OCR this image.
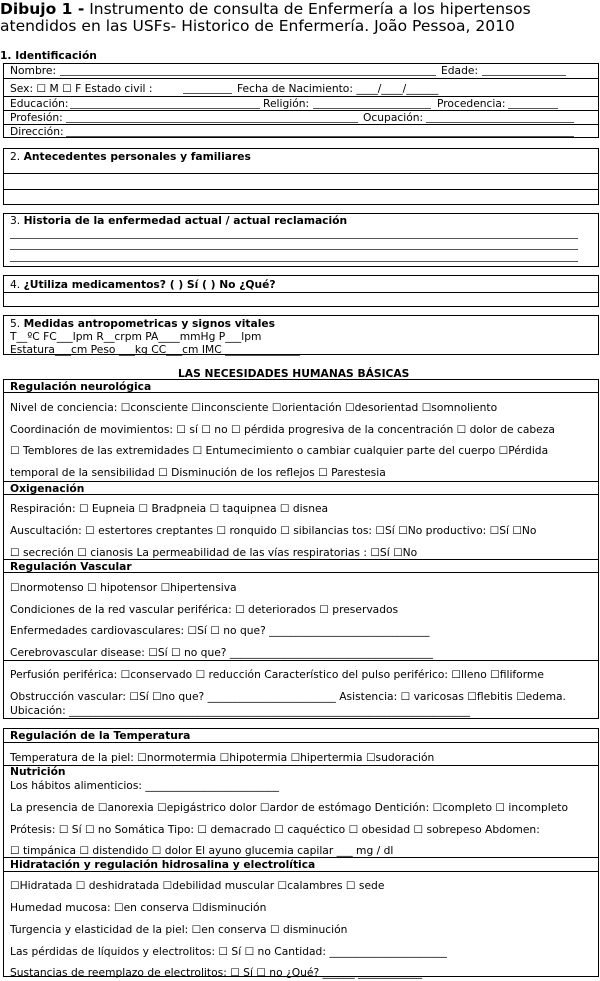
Dibujo 1 - Instrumento de consulta de Enfermería a los hipertensos atendidos en las USFs- Historico de Enfermería. João Pessoa, 2010
1. Identificación
Nombre:	Edade:
Sex: ☐ M ☐ F Estado civil :	Fecha de Nacimiento: ____/____/______
Educación:	Religión:	Procedencia:
Profesión:	Ocupación:
Dirección:
2. Antecedentes personales y familiares
3. Historia de la enfermedad actual / actual reclamación
4. ¿Utiliza medicamentos? ( ) Sí ( ) No ¿Qué?
5. Medidas antropometricas y signos vitales
T__ºC FC___lpm R__crpm PA____mmHg P___lpm
Estatura___cm Peso ___kg CC___cm IMC ______________
LAS NECESIDADES HUMANAS BÁSICAS
Regulación neurológica
Nivel de conciencia: ☐consciente ☐inconsciente ☐orientación ☐desorientad ☐somnoliento
Coordinación de movimientos: ☐ sí ☐ no ☐ pérdida progresiva de la concentración ☐ dolor de cabeza
☐ Temblores de las extremidades ☐ Entumecimiento o cambiar cualquier parte del cuerpo ☐Pérdida
temporal de la sensibilidad ☐ Disminución de los reflejos ☐ Parestesia
Oxigenación
Respiración: ☐ Eupneia ☐ Bradpneia ☐ taquipnea ☐ disnea
Auscultación: ☐ estertores creptantes ☐ ronquido ☐ sibilancias tos: ☐Sí ☐No productivo: ☐Sí ☐No
☐ secreción ☐ cianosis La permeabilidad de las vías respiratorias : ☐Sí ☐No
Regulación Vascular
☐normotenso ☐ hipotensor ☐hipertensiva
Condiciones de la red vascular periférica: ☐ deteriorados ☐ preservados
Enfermedades cardiovasculares: ☐Sí ☐ no que? ______________________________
Cerebrovascular disease: ☐Sí ☐ no que? ______________________________________
Perfusión periférica: ☐conservado ☐ reducción Característico del pulso periférico: ☐lleno ☐filiforme
Obstrucción vascular: ☐Sí ☐no que? ________________________ Asistencia: ☐ varicosas ☐flebitis ☐edema.
Ubicación: ___________________________________________________________________________
Regulación de la Temperatura
Temperatura de la piel: ☐normotermia ☐hipotermia ☐hipertermia ☐sudoración
Nutrición
Los hábitos alimenticios: _________________________
La presencia de ☐anorexia ☐epigástrico dolor ☐ardor de estómago Dentición: ☐completo ☐ incompleto
Prótesis: ☐ Sí ☐ no Somática Tipo: ☐ demacrado ☐ caquéctico ☐ obesidad ☐ sobrepeso Abdomen:
☐ timpánica ☐ distendido ☐ dolor El ayuno glucemia capilar ___ mg / dl
Hidratación y regulación hidrosalina y electrolítica
☐Hidratada ☐ deshidratada ☐debilidad muscular ☐calambres ☐ sede
Humedad mucosa: ☐en conserva ☐disminución
Turgencia y elasticidad de la piel: ☐en conserva ☐ disminución
Las pérdidas de líquidos y electrolitos: ☐ Sí ☐ no Cantidad: ______________________
Sustancias de reemplazo de electrolitos: ☐ Sí ☐ no ¿Qué? ______ ____________
